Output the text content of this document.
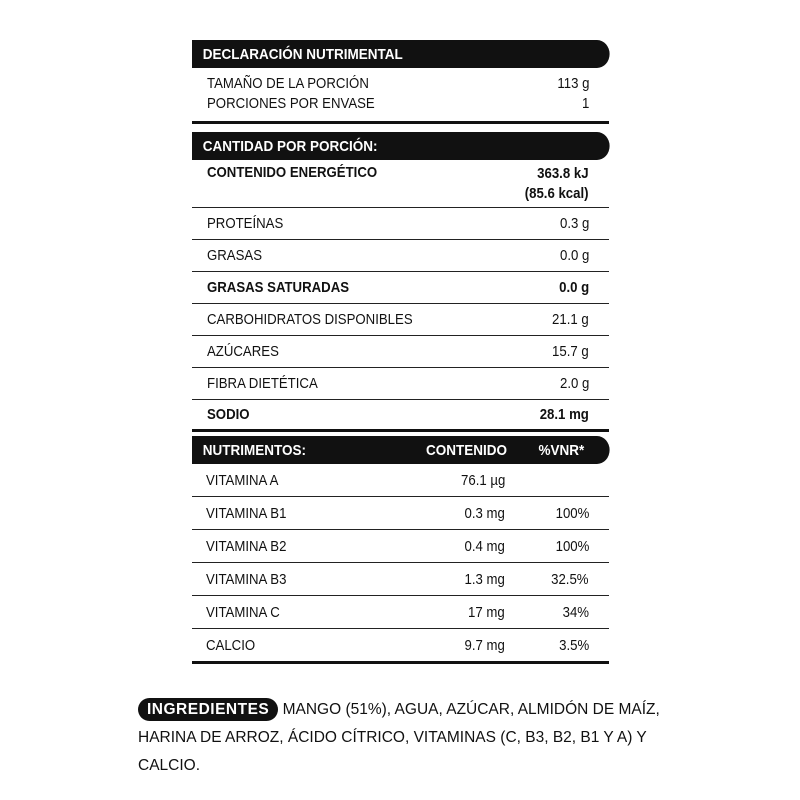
DECLARACIÓN NUTRIMENTAL
TAMAÑO DE LA PORCIÓN	113 g
PORCIONES POR ENVASE	1
CANTIDAD POR PORCIÓN:
CONTENIDO ENERGÉTICO	363.8 kJ
(85.6 kcal)
PROTEÍNAS	0.3 g
GRASAS	0.0 g
GRASAS SATURADAS	0.0 g
CARBOHIDRATOS DISPONIBLES	21.1 g
AZÚCARES	15.7 g
FIBRA DIETÉTICA	2.0 g
SODIO	28.1 mg
NUTRIMENTOS:	CONTENIDO %VNR*
VITAMINA A	76.1 µg
VITAMINA B1	0.3 mg	100%
VITAMINA B2	0.4 mg	100%
VITAMINA B3	1.3 mg	32.5%
VITAMINA C	17 mg	34%
CALCIO	9.7 mg	3.5%
INGREDIENTES MANGO (51%), AGUA, AZÚCAR, ALMIDÓN DE MAÍZ, HARINA DE ARROZ, ÁCIDO CÍTRICO, VITAMINAS (C, B3, B2, B1 Y A) Y CALCIO.
